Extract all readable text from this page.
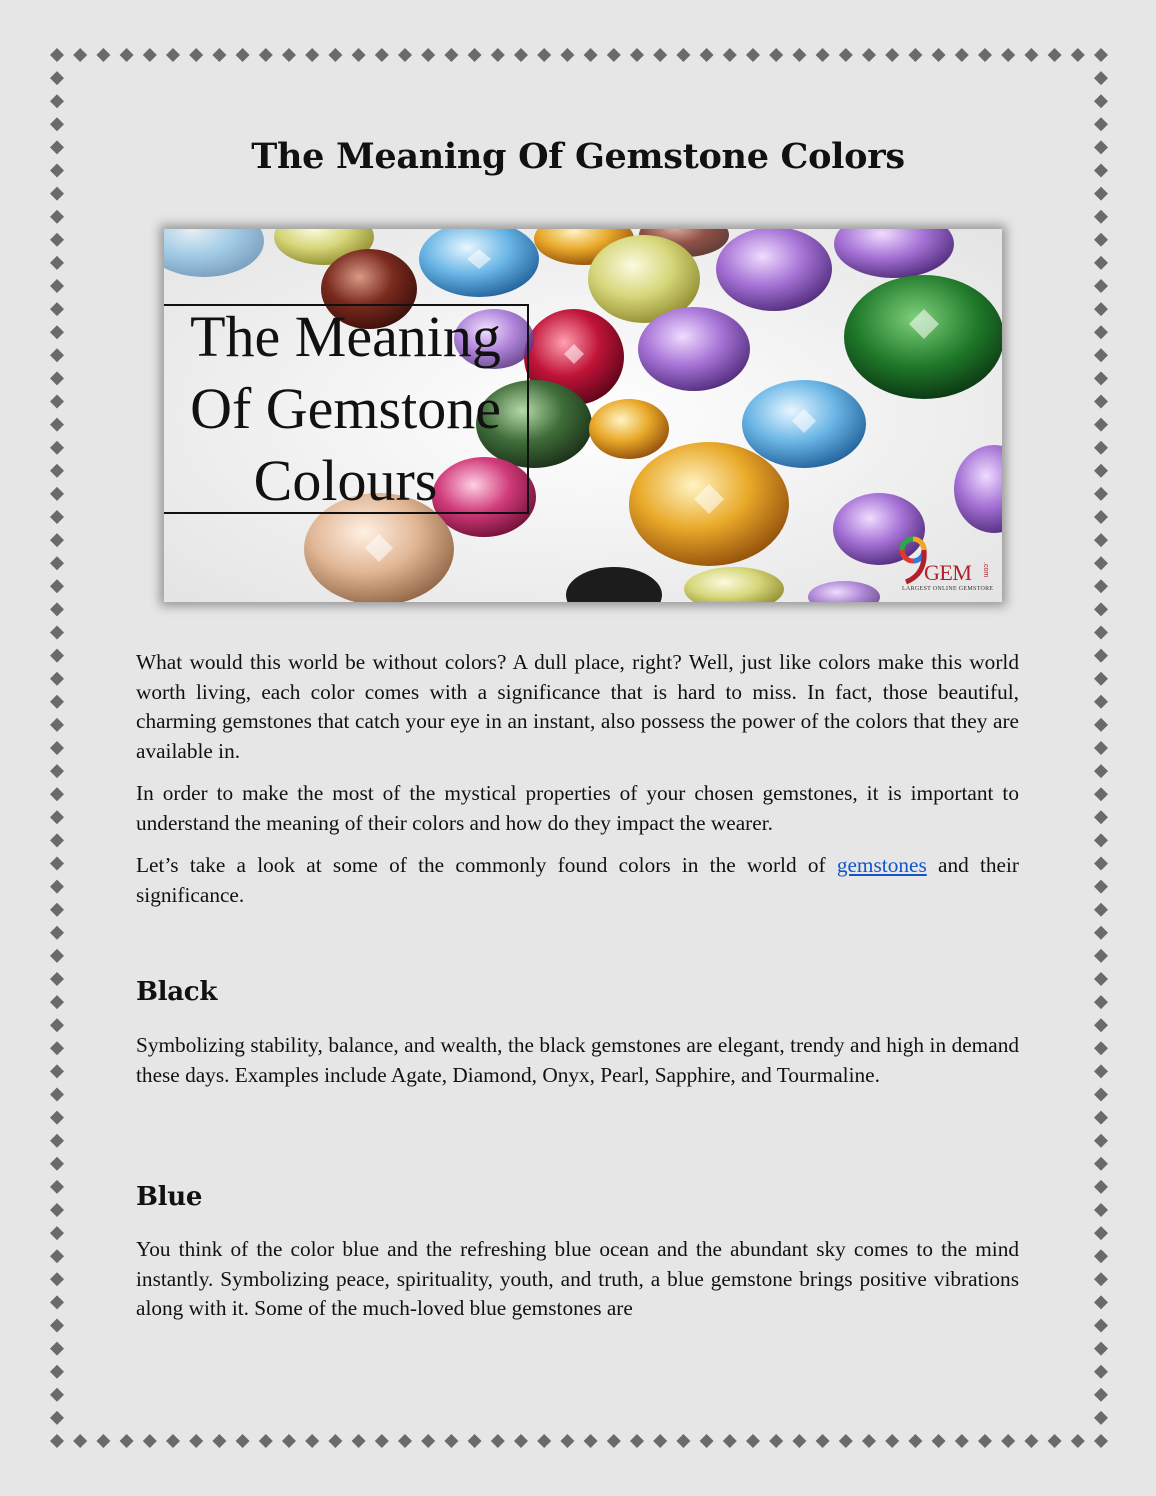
The Meaning Of Gemstone Colors
The Meaning
Of Gemstone
Colours
GEM .com
LARGEST ONLINE GEMSTORE

What would this world be without colors? A dull place, right? Well, just like colors make this world worth living, each color comes with a significance that is hard to miss. In fact, those beautiful, charming gemstones that catch your eye in an instant, also possess the power of the colors that they are available in.

In order to make the most of the mystical properties of your chosen gemstones, it is important to understand the meaning of their colors and how do they impact the wearer.

Let’s take a look at some of the commonly found colors in the world of gemstones and their significance.

Black

Symbolizing stability, balance, and wealth, the black gemstones are elegant, trendy and high in demand these days. Examples include Agate, Diamond, Onyx, Pearl, Sapphire, and Tourmaline.

Blue

You think of the color blue and the refreshing blue ocean and the abundant sky comes to the mind instantly. Symbolizing peace, spirituality, youth, and truth, a blue gemstone brings positive vibrations along with it. Some of the much-loved blue gemstones are
